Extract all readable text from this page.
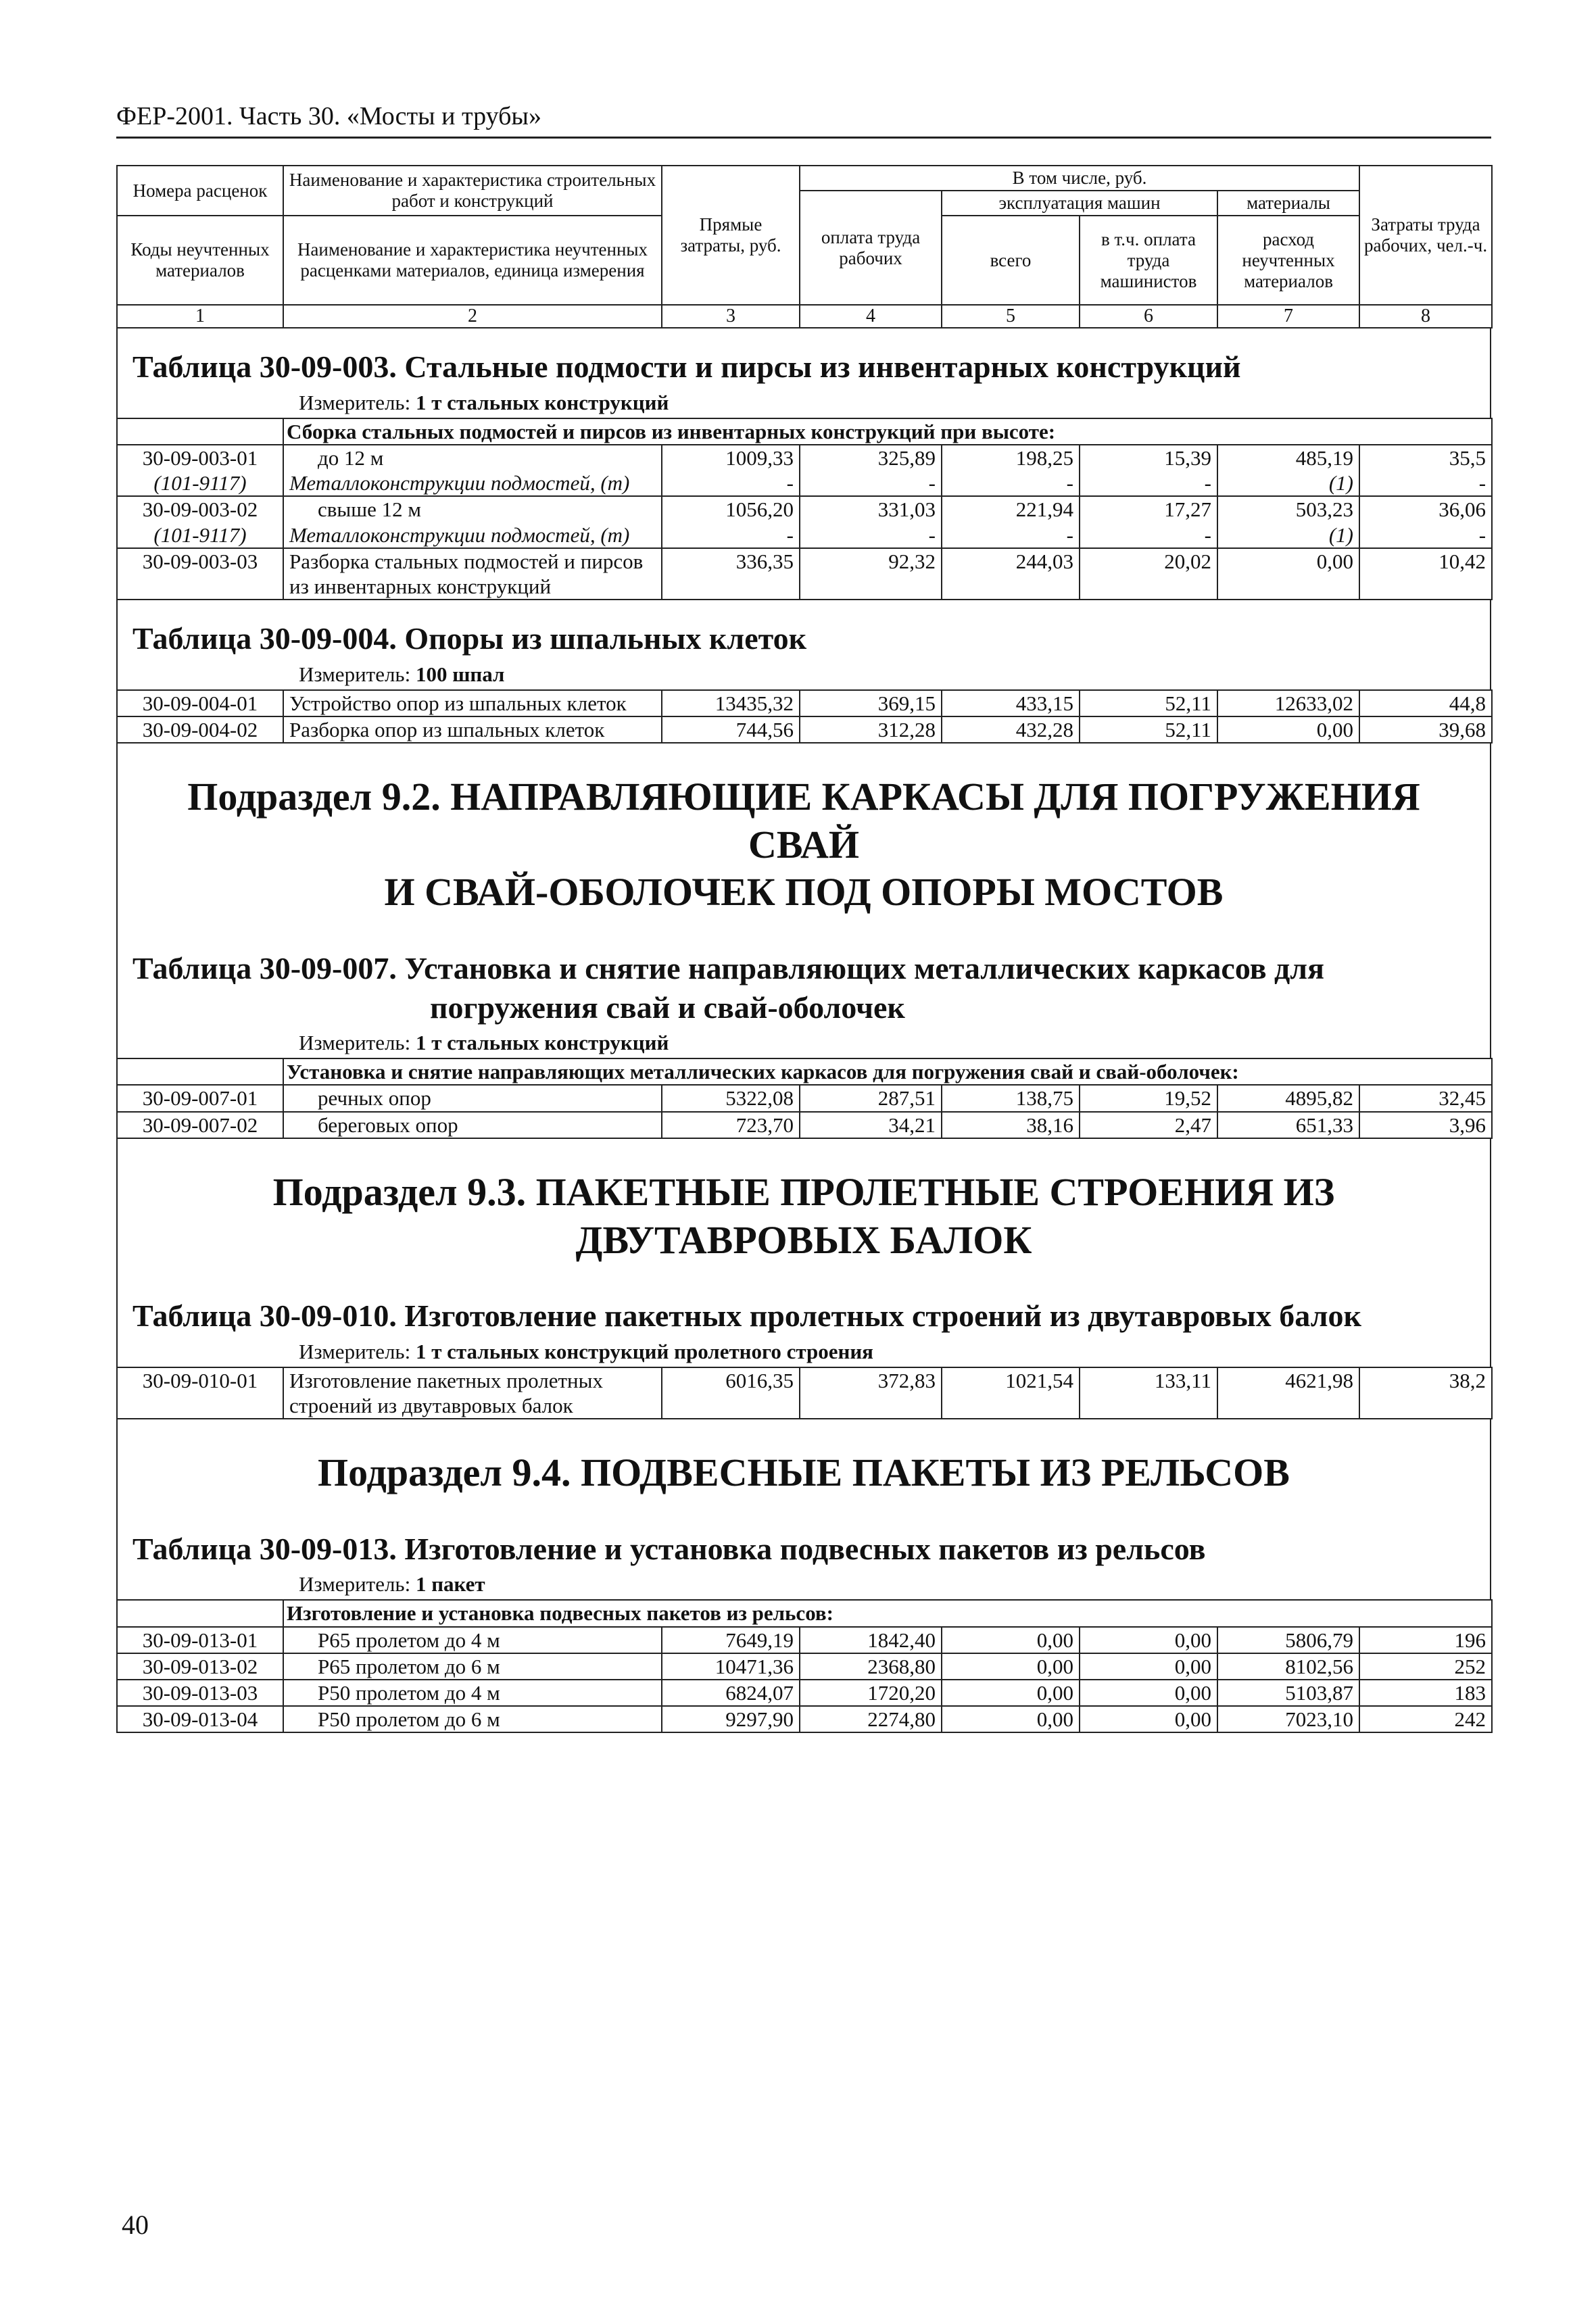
ФЕР-2001. Часть 30. «Мосты и трубы»
Номера расценок	Наименование и характеристика строительных работ и конструкций	Прямые затраты, руб.	В том числе, руб.				Затраты труда рабочих, чел.-ч.
			оплата труда рабочих	эксплуатация машин		материалы	
Коды неучтенных материалов	Наименование и характеристика неучтенных расценками материалов, единица измерения			всего	в т.ч. оплата труда машинистов	расход неучтенных материалов	
1	2	3	4	5	6	7	8
Таблица 30-09-003. Стальные подмости и пирсы из инвентарных конструкций
Измеритель: 1 т стальных конструкций
	Сборка стальных подмостей и пирсов из инвентарных конструкций при высоте:						
30-09-003-01	до 12 м	1009,33	325,89	198,25	15,39	485,19	35,5
(101-9117)	Металлоконструкции подмостей, (т)	-	-	-	-	(1)	-
30-09-003-02	свыше 12 м	1056,20	331,03	221,94	17,27	503,23	36,06
(101-9117)	Металлоконструкции подмостей, (т)	-	-	-	-	(1)	-
30-09-003-03	Разборка стальных подмостей и пирсов из инвентарных конструкций	336,35	92,32	244,03	20,02	0,00	10,42
Таблица 30-09-004. Опоры из шпальных клеток
Измеритель: 100 шпал
30-09-004-01	Устройство опор из шпальных клеток	13435,32	369,15	433,15	52,11	12633,02	44,8
30-09-004-02	Разборка опор из шпальных клеток	744,56	312,28	432,28	52,11	0,00	39,68
Подраздел 9.2. НАПРАВЛЯЮЩИЕ КАРКАСЫ ДЛЯ ПОГРУЖЕНИЯ СВАЙ
И СВАЙ-ОБОЛОЧЕК ПОД ОПОРЫ МОСТОВ
Таблица 30-09-007. Установка и снятие направляющих металлических каркасов для
погружения свай и свай-оболочек
Измеритель: 1 т стальных конструкций
	Установка и снятие направляющих металлических каркасов для погружения свай и свай-оболочек:						
30-09-007-01	речных опор	5322,08	287,51	138,75	19,52	4895,82	32,45
30-09-007-02	береговых опор	723,70	34,21	38,16	2,47	651,33	3,96
Подраздел 9.3. ПАКЕТНЫЕ ПРОЛЕТНЫЕ СТРОЕНИЯ ИЗ
ДВУТАВРОВЫХ БАЛОК
Таблица 30-09-010. Изготовление пакетных пролетных строений из двутавровых балок
Измеритель: 1 т стальных конструкций пролетного строения
30-09-010-01	Изготовление пакетных пролетных строений из двутавровых балок	6016,35	372,83	1021,54	133,11	4621,98	38,2
Подраздел 9.4. ПОДВЕСНЫЕ ПАКЕТЫ ИЗ РЕЛЬСОВ
Таблица 30-09-013. Изготовление и установка подвесных пакетов из рельсов
Измеритель: 1 пакет
	Изготовление и установка подвесных пакетов из рельсов:						
30-09-013-01	Р65 пролетом до 4 м	7649,19	1842,40	0,00	0,00	5806,79	196
30-09-013-02	Р65 пролетом до 6 м	10471,36	2368,80	0,00	0,00	8102,56	252
30-09-013-03	Р50 пролетом до 4 м	6824,07	1720,20	0,00	0,00	5103,87	183
30-09-013-04	Р50 пролетом до 6 м	9297,90	2274,80	0,00	0,00	7023,10	242
40
